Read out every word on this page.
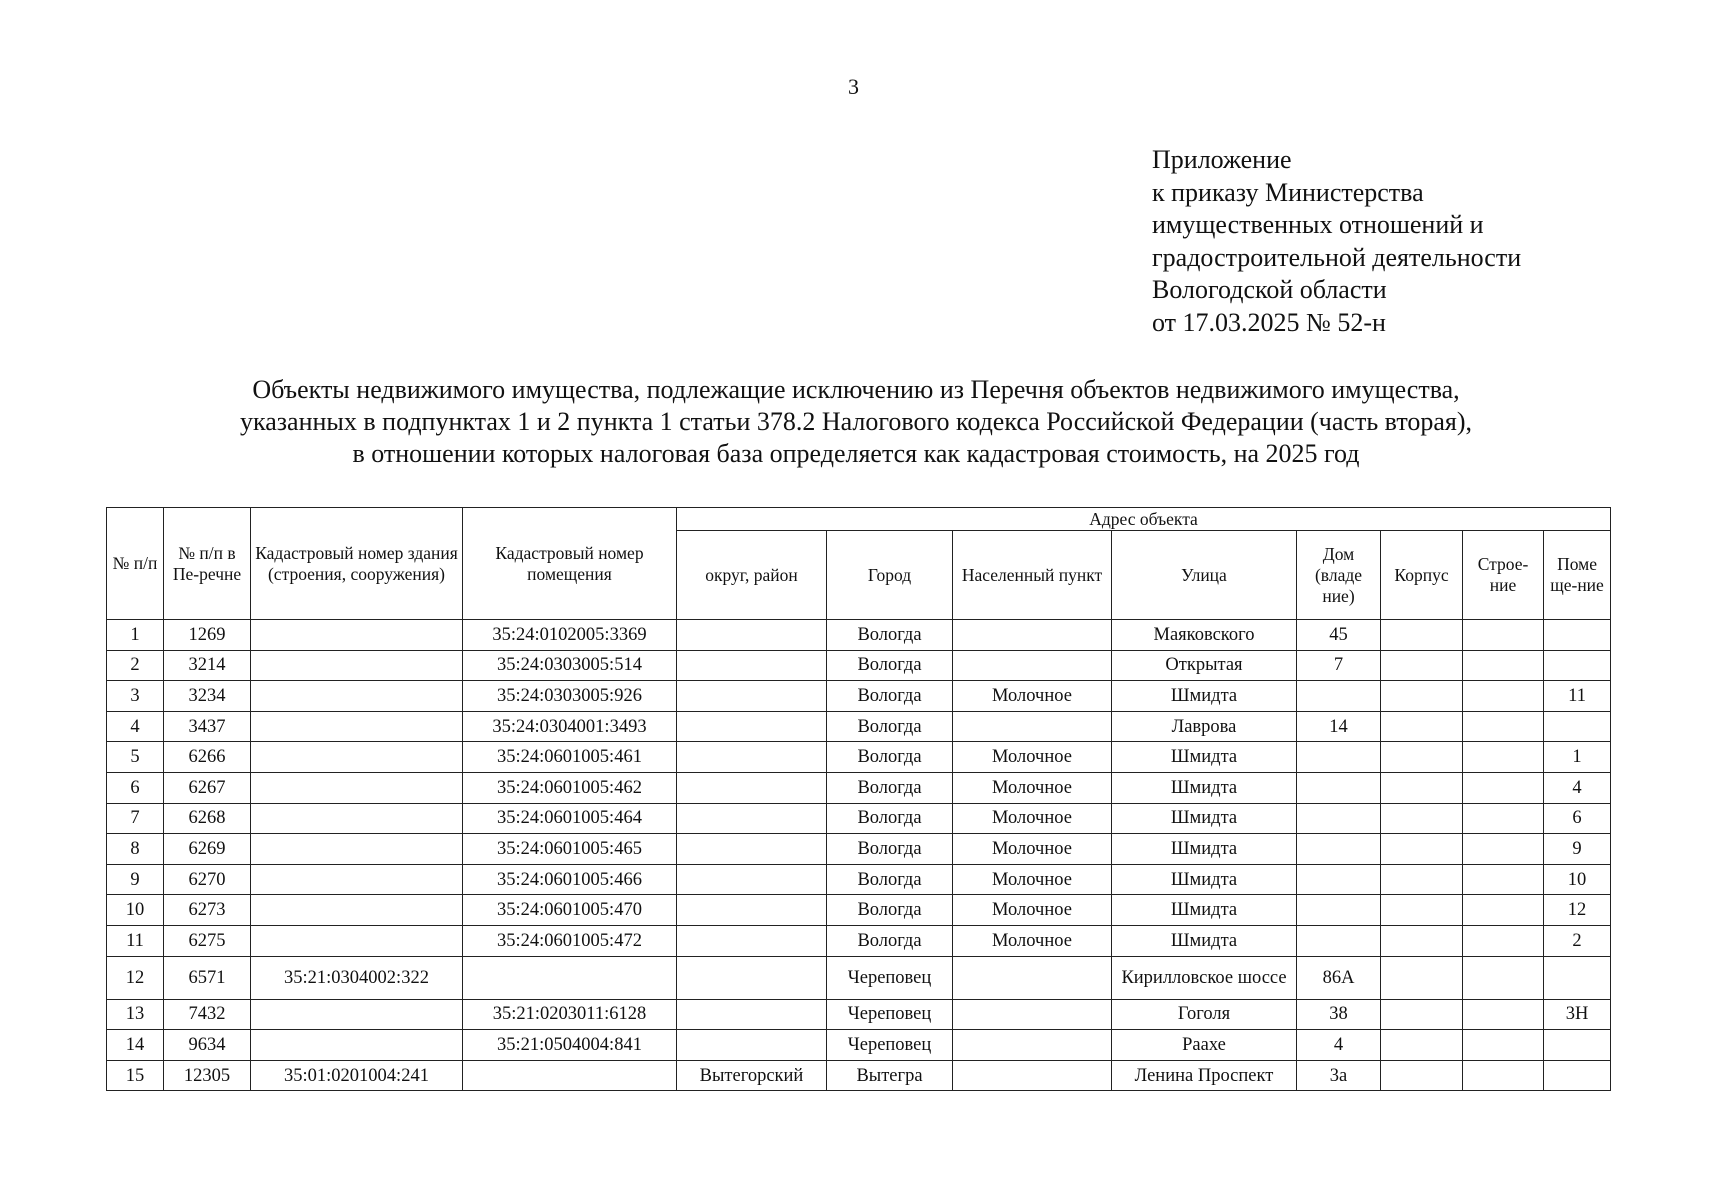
3
Приложение
к приказу Министерства
имущественных отношений и
градостроительной деятельности
Вологодской области
от 17.03.2025 № 52-н
Объекты недвижимого имущества, подлежащие исключению из Перечня объектов недвижимого имущества,
указанных в подпунктах 1 и 2 пункта 1 статьи 378.2 Налогового кодекса Российской Федерации (часть вторая),
в отношении которых налоговая база определяется как кадастровая стоимость, на 2025 год
№ п/п	№ п/п в Пе-речне	Кадастровый номер здания (строения, сооружения)	Кадастровый номер помещения	Адрес объекта							
				округ, район	Город	Населенный пункт	Улица	Дом (владе ние)	Корпус	Строе-ние	Поме ще-ние
1	1269		35:24:0102005:3369		Вологда		Маяковского	45			
2	3214		35:24:0303005:514		Вологда		Открытая	7			
3	3234		35:24:0303005:926		Вологда	Молочное	Шмидта				11
4	3437		35:24:0304001:3493		Вологда		Лаврова	14			
5	6266		35:24:0601005:461		Вологда	Молочное	Шмидта				1
6	6267		35:24:0601005:462		Вологда	Молочное	Шмидта				4
7	6268		35:24:0601005:464		Вологда	Молочное	Шмидта				6
8	6269		35:24:0601005:465		Вологда	Молочное	Шмидта				9
9	6270		35:24:0601005:466		Вологда	Молочное	Шмидта				10
10	6273		35:24:0601005:470		Вологда	Молочное	Шмидта				12
11	6275		35:24:0601005:472		Вологда	Молочное	Шмидта				2
12	6571	35:21:0304002:322			Череповец		Кирилловское шоссе	86А			
13	7432		35:21:0203011:6128		Череповец		Гоголя	38			3Н
14	9634		35:21:0504004:841		Череповец		Раахе	4			
15	12305	35:01:0201004:241		Вытегорский	Вытегра		Ленина Проспект	3а			
